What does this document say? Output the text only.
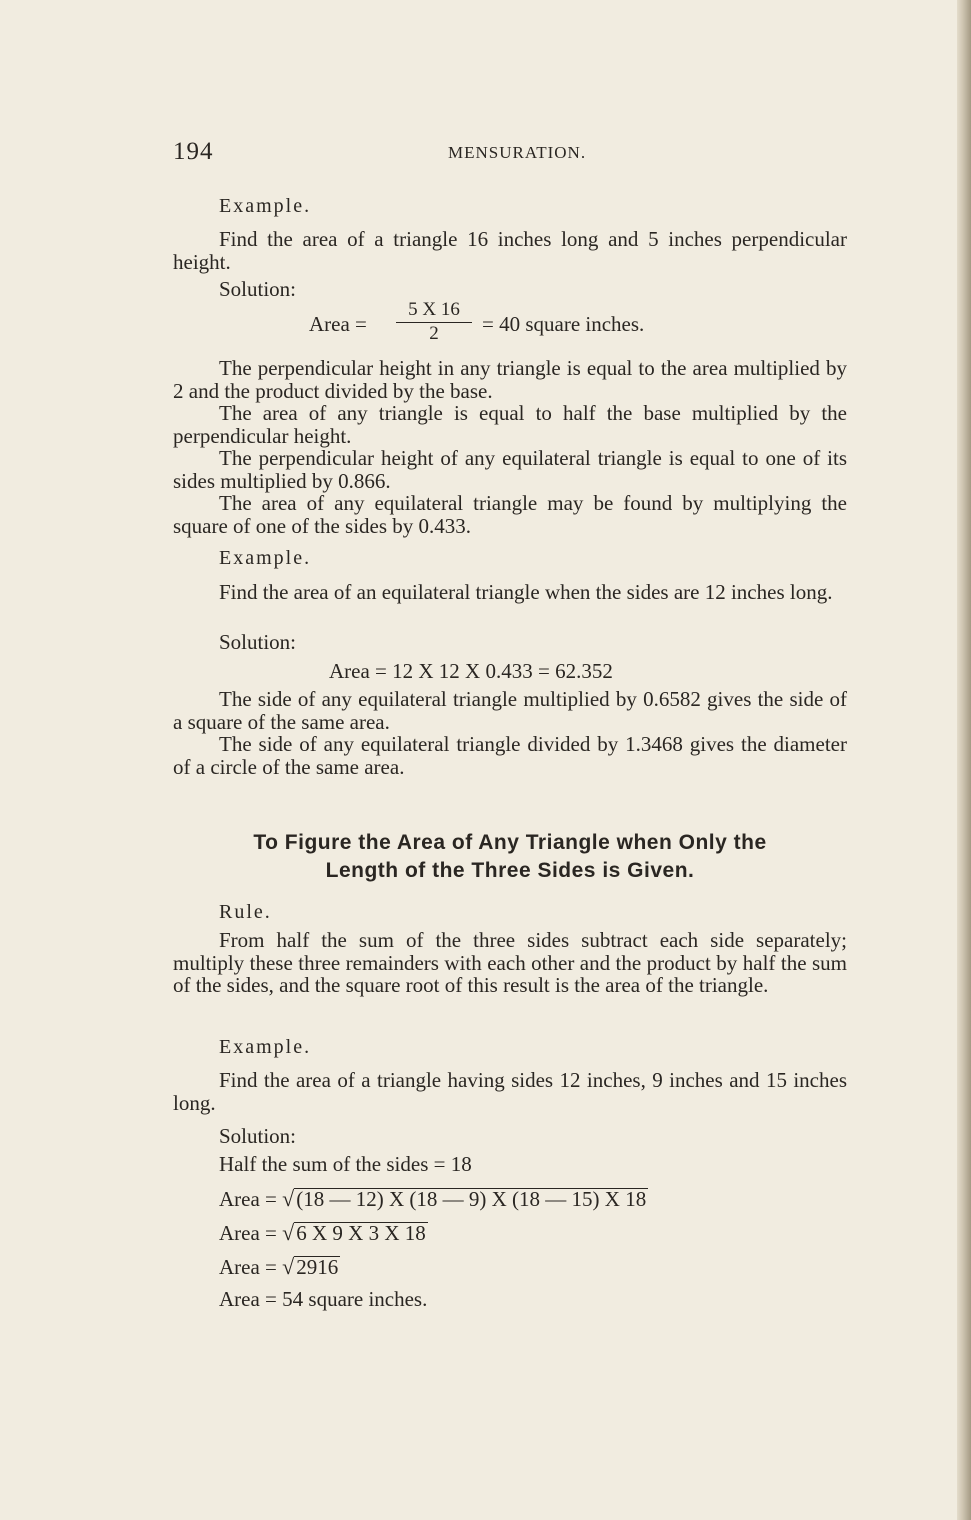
194	MENSURATION.
Example.

Find the area of a triangle 16 inches long and 5 inches perpendicular height.

Solution:
Area =
5 X 16
2	= 40 square inches.

The perpendicular height in any triangle is equal to the area multiplied by 2 and the product divided by the base.

The area of any triangle is equal to half the base multiplied by the perpendicular height.

The perpendicular height of any equilateral triangle is equal to one of its sides multiplied by 0.866.

The area of any equilateral triangle may be found by multiplying the square of one of the sides by 0.433.

Example.

Find the area of an equilateral triangle when the sides are 12 inches long.

Solution:
Area = 12 X 12 X 0.433 = 62.352

The side of any equilateral triangle multiplied by 0.6582 gives the side of a square of the same area.

The side of any equilateral triangle divided by 1.3468 gives the diameter of a circle of the same area.

To Figure the Area of Any Triangle when Only the
Length of the Three Sides is Given.
Rule.

From half the sum of the three sides subtract each side separately; multiply these three remainders with each other and the product by half the sum of the sides, and the square root of this result is the area of the triangle.

Example.

Find the area of a triangle having sides 12 inches, 9 inches and 15 inches long.

Solution:
Half the sum of the sides = 18
Area = √(18 — 12) X (18 — 9) X (18 — 15) X 18
Area = √6 X 9 X 3 X 18
Area = √2916
Area = 54 square inches.
